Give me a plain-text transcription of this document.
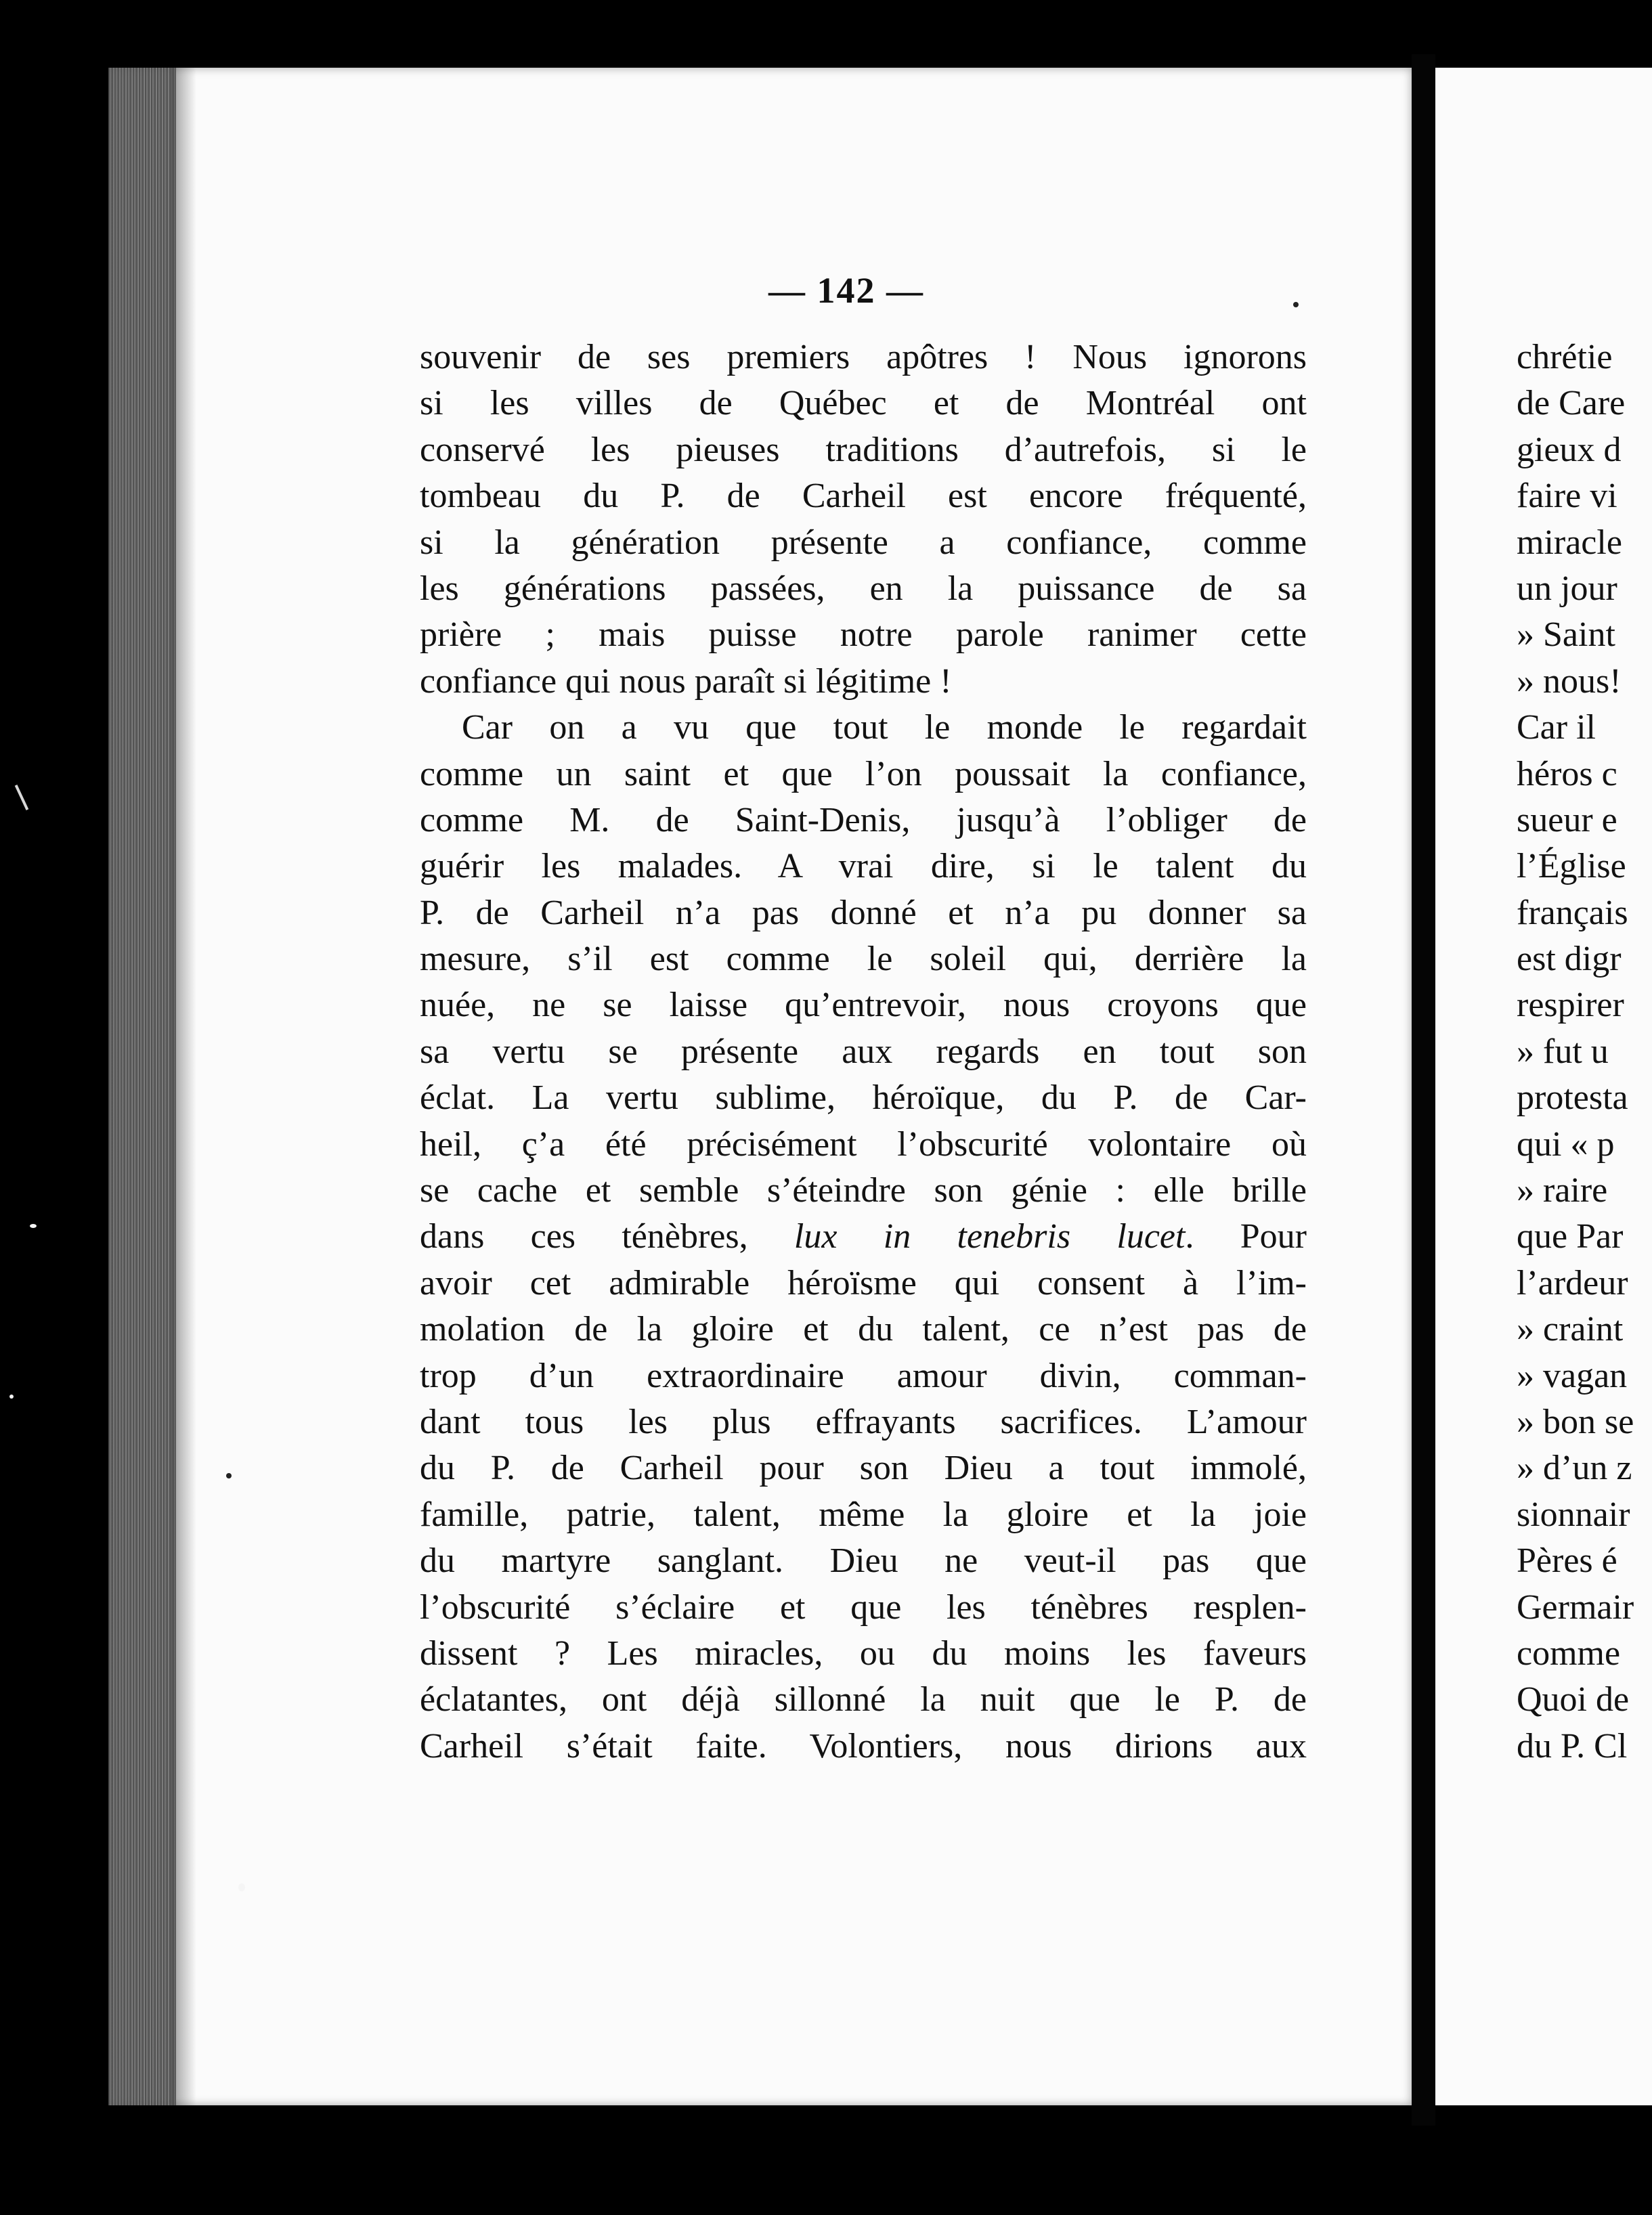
— 142 —
souvenir de ses premiers apôtres ! Nous ignorons
si les villes de Québec et de Montréal ont
conservé les pieuses traditions d’autrefois, si le
tombeau du P. de Carheil est encore fréquenté,
si la génération présente a confiance, comme
les générations passées, en la puissance de sa
prière ; mais puisse notre parole ranimer cette
confiance qui nous paraît si légitime !
Car on a vu que tout le monde le regardait
comme un saint et que l’on poussait la confiance,
comme M. de Saint-Denis, jusqu’à l’obliger de
guérir les malades. A vrai dire, si le talent du
P. de Carheil n’a pas donné et n’a pu donner sa
mesure, s’il est comme le soleil qui, derrière la
nuée, ne se laisse qu’entrevoir, nous croyons que
sa vertu se présente aux regards en tout son
éclat. La vertu sublime, héroïque, du P. de Car-
heil, ç’a été précisément l’obscurité volontaire où
se cache et semble s’éteindre son génie : elle brille
dans ces ténèbres, lux in tenebris lucet. Pour
avoir cet admirable héroïsme qui consent à l’im-
molation de la gloire et du talent, ce n’est pas de
trop d’un extraordinaire amour divin, comman-
dant tous les plus effrayants sacrifices. L’amour
du P. de Carheil pour son Dieu a tout immolé,
famille, patrie, talent, même la gloire et la joie
du martyre sanglant. Dieu ne veut-il pas que
l’obscurité s’éclaire et que les ténèbres resplen-
dissent ? Les miracles, ou du moins les faveurs
éclatantes, ont déjà sillonné la nuit que le P. de
Carheil s’était faite. Volontiers, nous dirions aux
chrétie
de Care
gieux d
faire vi
miracle
un jour
» Saint
» nous!
Car il
héros c
sueur e
l’Église
français
est digr
respirer
» fut u
protesta
qui « p
» raire
que Par
l’ardeur
» craint
» vagan
» bon se
» d’un z
sionnair
Pères é
Germair
comme
Quoi de
du P. Cl
